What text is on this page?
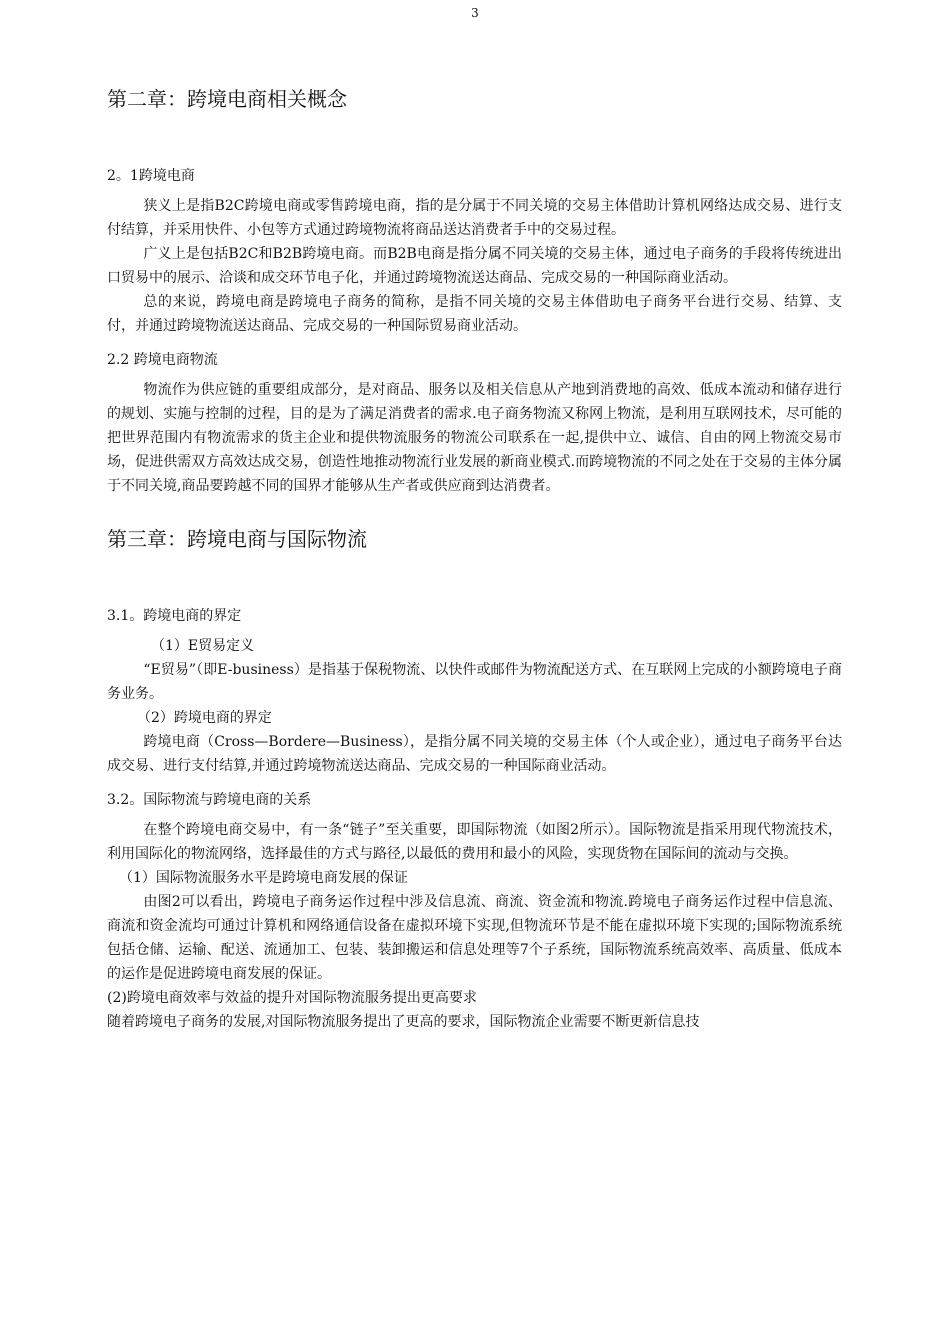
3
第二章：跨境电商相关概念
2。1跨境电商

狭义上是指B2C跨境电商或零售跨境电商，指的是分属于不同关境的交易主体借助计算机网络达成交易、进行支付结算，并采用快件、小包等方式通过跨境物流将商品送达消费者手中的交易过程。

广义上是包括B2C和B2B跨境电商。而B2B电商是指分属不同关境的交易主体，通过电子商务的手段将传统进出口贸易中的展示、洽谈和成交环节电子化，并通过跨境物流送达商品、完成交易的一种国际商业活动。

总的来说，跨境电商是跨境电子商务的简称，是指不同关境的交易主体借助电子商务平台进行交易、结算、支付，并通过跨境物流送达商品、完成交易的一种国际贸易商业活动。

2.2 跨境电商物流

物流作为供应链的重要组成部分，是对商品、服务以及相关信息从产地到消费地的高效、低成本流动和储存进行的规划、实施与控制的过程，目的是为了满足消费者的需求.电子商务物流又称网上物流，是利用互联网技术，尽可能的把世界范围内有物流需求的货主企业和提供物流服务的物流公司联系在一起,提供中立、诚信、自由的网上物流交易市场，促进供需双方高效达成交易，创造性地推动物流行业发展的新商业模式.而跨境物流的不同之处在于交易的主体分属于不同关境,商品要跨越不同的国界才能够从生产者或供应商到达消费者。

第三章：跨境电商与国际物流
3.1。跨境电商的界定

（1）E贸易定义

“E贸易”（即E-business）是指基于保税物流、以快件或邮件为物流配送方式、在互联网上完成的小额跨境电子商务业务。

（2）跨境电商的界定

跨境电商（Cross—Bordere—Business），是指分属不同关境的交易主体（个人或企业），通过电子商务平台达成交易、进行支付结算,并通过跨境物流送达商品、完成交易的一种国际商业活动。

3.2。国际物流与跨境电商的关系

在整个跨境电商交易中，有一条“链子”至关重要，即国际物流（如图2所示）。国际物流是指采用现代物流技术，利用国际化的物流网络，选择最佳的方式与路径,以最低的费用和最小的风险，实现货物在国际间的流动与交换。

（1）国际物流服务水平是跨境电商发展的保证

由图2可以看出，跨境电子商务运作过程中涉及信息流、商流、资金流和物流.跨境电子商务运作过程中信息流、商流和资金流均可通过计算机和网络通信设备在虚拟环境下实现,但物流环节是不能在虚拟环境下实现的;国际物流系统包括仓储、运输、配送、流通加工、包装、装卸搬运和信息处理等7个子系统，国际物流系统高效率、高质量、低成本的运作是促进跨境电商发展的保证。

(2)跨境电商效率与效益的提升对国际物流服务提出更高要求

随着跨境电子商务的发展,对国际物流服务提出了更高的要求，国际物流企业需要不断更新信息技
